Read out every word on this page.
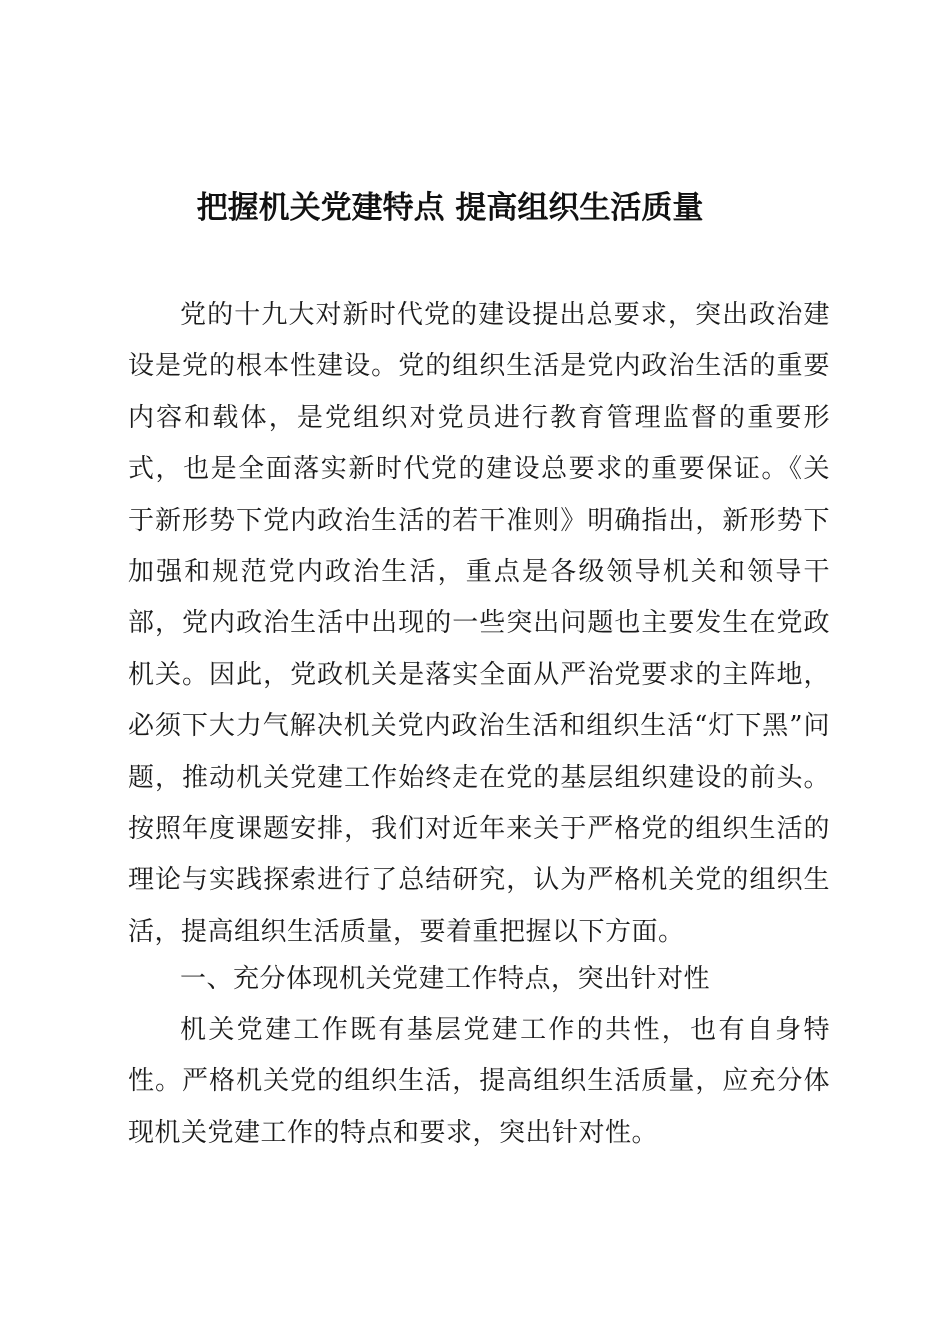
把握机关党建特点 提高组织生活质量

党的十九大对新时代党的建设提出总要求，突出政治建设是党的根本性建设。党的组织生活是党内政治生活的重要内容和载体，是党组织对党员进行教育管理监督的重要形式，也是全面落实新时代党的建设总要求的重要保证。《关于新形势下党内政治生活的若干准则》明确指出，新形势下加强和规范党内政治生活，重点是各级领导机关和领导干部，党内政治生活中出现的一些突出问题也主要发生在党政机关。因此，党政机关是落实全面从严治党要求的主阵地，必须下大力气解决机关党内政治生活和组织生活“灯下黑”问题，推动机关党建工作始终走在党的基层组织建设的前头。按照年度课题安排，我们对近年来关于严格党的组织生活的理论与实践探索进行了总结研究，认为严格机关党的组织生活，提高组织生活质量，要着重把握以下方面。

一、充分体现机关党建工作特点，突出针对性

机关党建工作既有基层党建工作的共性，也有自身特性。严格机关党的组织生活，提高组织生活质量，应充分体现机关党建工作的特点和要求，突出针对性。
